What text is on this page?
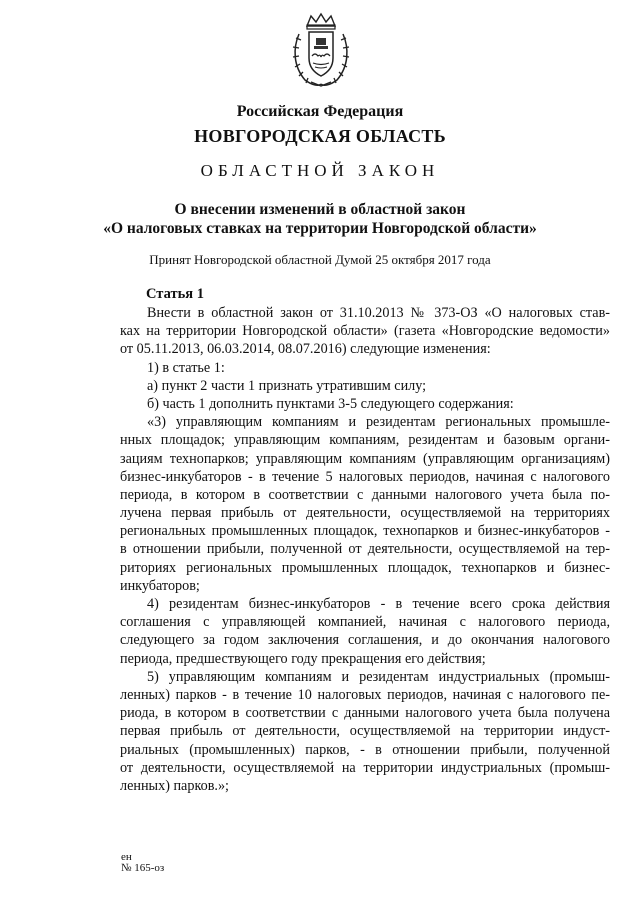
Российская Федерация
НОВГОРОДСКАЯ ОБЛАСТЬ
ОБЛАСТНОЙ ЗАКОН
О внесении изменений в областной закон
«О налоговых ставках на территории Новгородской области»
Принят Новгородской областной Думой 25 октября 2017 года
Статья 1
Внести в областной закон от 31.10.2013 № 373-ОЗ «О налоговых став-
ках на территории Новгородской области» (газета «Новгородские ведомости»
от 05.11.2013, 06.03.2014, 08.07.2016) следующие изменения:
1) в статье 1:
а) пункт 2 части 1 признать утратившим силу;
б) часть 1 дополнить пунктами 3-5 следующего содержания:
«3) управляющим компаниям и резидентам региональных промышле-
нных площадок; управляющим компаниям, резидентам и базовым органи-
зациям технопарков; управляющим компаниям (управляющим организациям)
бизнес-инкубаторов - в течение 5 налоговых периодов, начиная с налогового
периода, в котором в соответствии с данными налогового учета была по-
лучена первая прибыль от деятельности, осуществляемой на территориях
региональных промышленных площадок, технопарков и бизнес-инкубаторов -
в отношении прибыли, полученной от деятельности, осуществляемой на тер-
риториях региональных промышленных площадок, технопарков и бизнес-
инкубаторов;
4) резидентам бизнес-инкубаторов - в течение всего срока действия
соглашения с управляющей компанией, начиная с налогового периода,
следующего за годом заключения соглашения, и до окончания налогового
периода, предшествующего году прекращения его действия;
5) управляющим компаниям и резидентам индустриальных (промыш-
ленных) парков - в течение 10 налоговых периодов, начиная с налогового пе-
риода, в котором в соответствии с данными налогового учета была получена
первая прибыль от деятельности, осуществляемой на территории индуст-
риальных (промышленных) парков, - в отношении прибыли, полученной
от деятельности, осуществляемой на территории индустриальных (промыш-
ленных) парков.»;
ен
№ 165-оз
